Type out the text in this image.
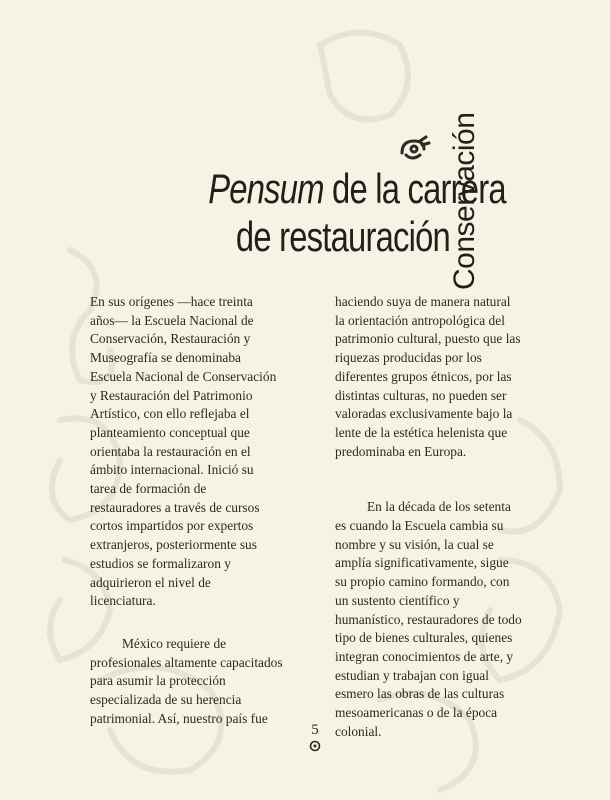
Pensum de la carrera
de restauración
Conservación

En sus orígenes —hace treinta
años— la Escuela Nacional de
Conservación, Restauración y
Museografía se denominaba
Escuela Nacional de Conservación
y Restauración del Patrimonio
Artístico, con ello reflejaba el
planteamiento conceptual que
orientaba la restauración en el
ámbito internacional. Inició su
tarea de formación de
restauradores a través de cursos
cortos impartidos por expertos
extranjeros, posteriormente sus
estudios se formalizaron y
adquirieron el nivel de
licenciatura.

México requiere de
profesionales altamente capacitados
para asumir la protección
especializada de su herencia
patrimonial. Así, nuestro país fue

haciendo suya de manera natural
la orientación antropológica del
patrimonio cultural, puesto que las
riquezas producidas por los
diferentes grupos étnicos, por las
distintas culturas, no pueden ser
valoradas exclusivamente bajo la
lente de la estética helenista que
predominaba en Europa.

En la década de los setenta
es cuando la Escuela cambia su
nombre y su visión, la cual se
amplía significativamente, sigue
su propio camino formando, con
un sustento científico y
humanístico, restauradores de todo
tipo de bienes culturales, quienes
integran conocimientos de arte, y
estudian y trabajan con igual
esmero las obras de las culturas
mesoamericanas o de la época
colonial.

5
